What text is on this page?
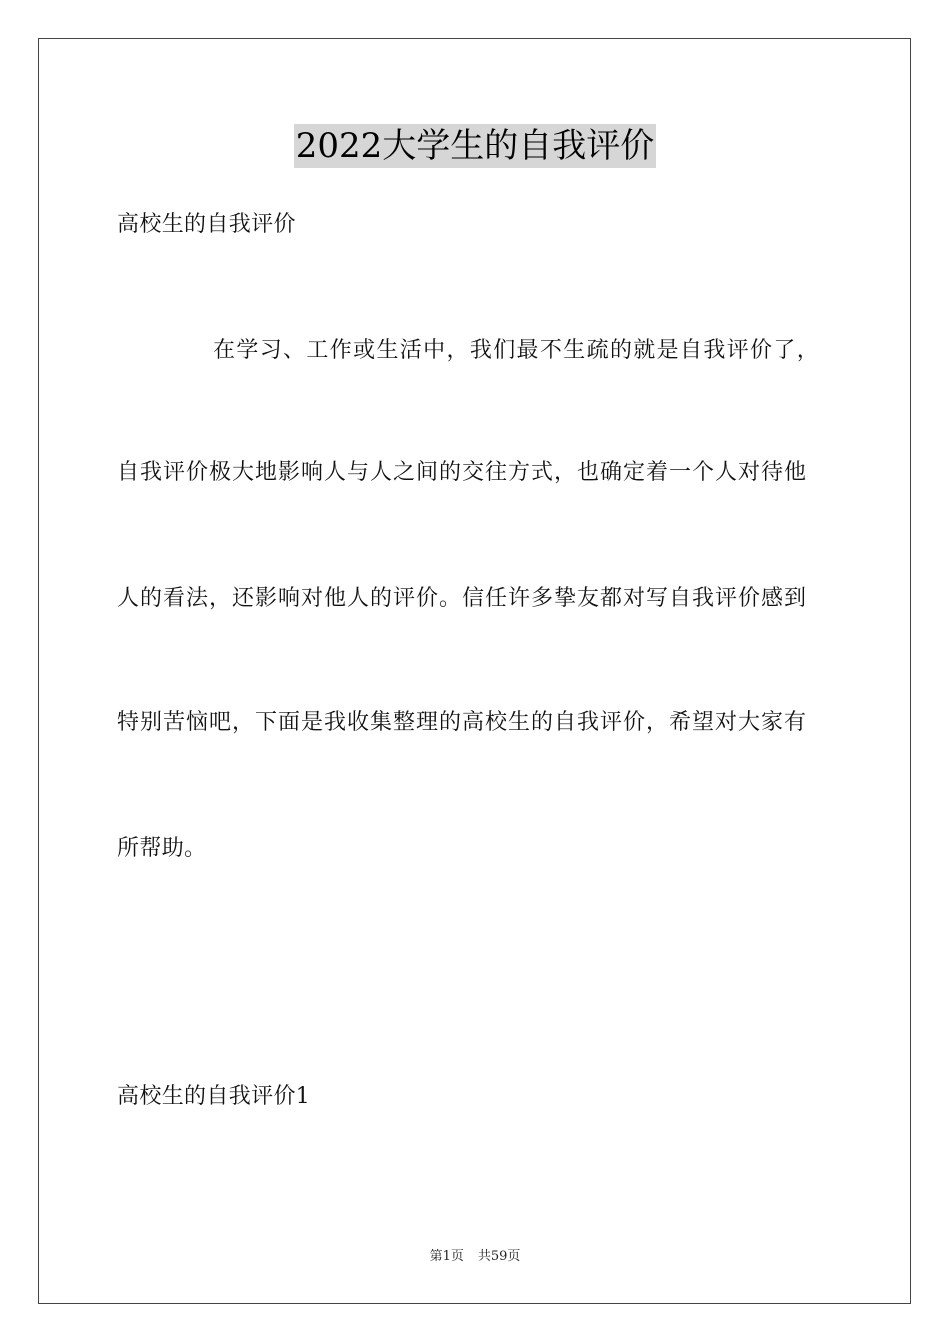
2022大学生的自我评价
高校生的自我评价
在学习、工作或生活中，我们最不生疏的就是自我评价了，
自我评价极大地影响人与人之间的交往方式，也确定着一个人对待他
人的看法，还影响对他人的评价。信任许多挚友都对写自我评价感到
特别苦恼吧，下面是我收集整理的高校生的自我评价，希望对大家有
所帮助。
高校生的自我评价1
第1页 共59页
